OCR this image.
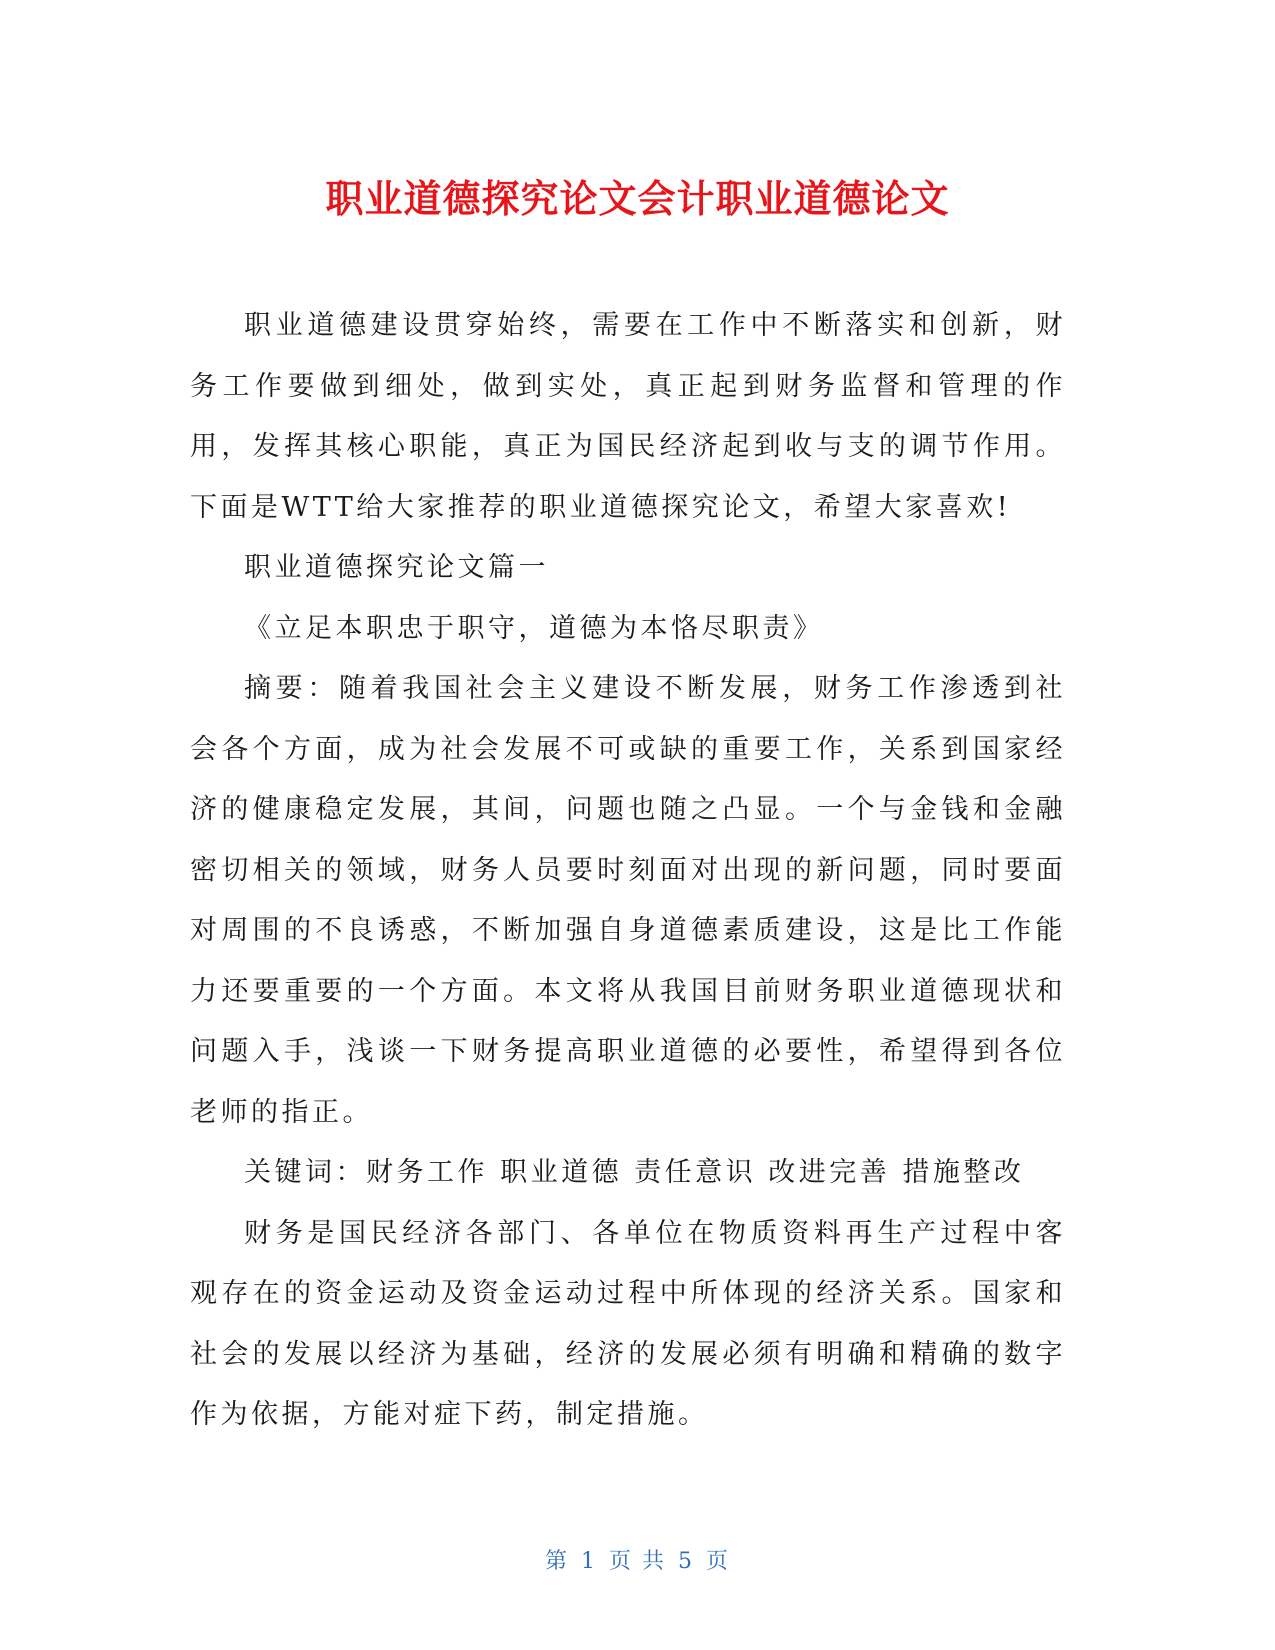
职业道德探究论文会计职业道德论文

职业道德建设贯穿始终，需要在工作中不断落实和创新，财务工作要做到细处，做到实处，真正起到财务监督和管理的作用，发挥其核心职能，真正为国民经济起到收与支的调节作用。下面是WTT给大家推荐的职业道德探究论文，希望大家喜欢!

职业道德探究论文篇一

《立足本职忠于职守，道德为本恪尽职责》

摘要：随着我国社会主义建设不断发展，财务工作渗透到社会各个方面，成为社会发展不可或缺的重要工作，关系到国家经济的健康稳定发展，其间，问题也随之凸显。一个与金钱和金融密切相关的领域，财务人员要时刻面对出现的新问题，同时要面对周围的不良诱惑，不断加强自身道德素质建设，这是比工作能力还要重要的一个方面。本文将从我国目前财务职业道德现状和问题入手，浅谈一下财务提高职业道德的必要性，希望得到各位老师的指正。

关键词：财务工作 职业道德 责任意识 改进完善 措施整改

财务是国民经济各部门、各单位在物质资料再生产过程中客观存在的资金运动及资金运动过程中所体现的经济关系。国家和社会的发展以经济为基础，经济的发展必须有明确和精确的数字作为依据，方能对症下药，制定措施。

第 1 页 共 5 页
